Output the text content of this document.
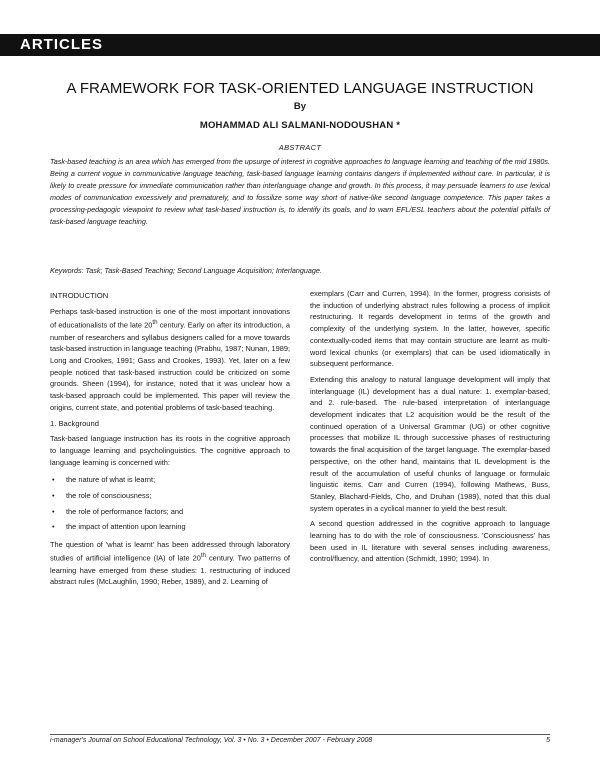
ARTICLES
A FRAMEWORK FOR TASK-ORIENTED LANGUAGE INSTRUCTION
By
MOHAMMAD ALI SALMANI-NODOUSHAN *
ABSTRACT

Task-based teaching is an area which has emerged from the upsurge of interest in cognitive approaches to language learning and teaching of the mid 1980s. Being a current vogue in communicative language teaching, task-based language learning contains dangers if implemented without care. In particular, it is likely to create pressure for immediate communication rather than interlanguage change and growth. In this process, it may persuade learners to use lexical modes of communication excessively and prematurely, and to fossilize some way short of native-like second language competence. This paper takes a processing-pedagogic viewpoint to review what task-based instruction is, to identify its goals, and to warn EFL/ESL teachers about the potential pitfalls of task-based language teaching.

Keywords: Task; Task-Based Teaching; Second Language Acquisition; Interlanguage.

INTRODUCTION

Perhaps task-based instruction is one of the most important innovations of educationalists of the late 20th century. Early on after its introduction, a number of researchers and syllabus designers called for a move towards task-based instruction in language teaching (Prabhu, 1987; Nunan, 1989; Long and Crookes, 1991; Gass and Crookes, 1993). Yet, later on a few people noticed that task-based instruction could be criticized on some grounds. Sheen (1994), for instance, noted that it was unclear how a task-based approach could be implemented. This paper will review the origins, current state, and potential problems of task-based teaching.

1. Background

Task-based language instruction has its roots in the cognitive approach to language learning and psycholinguistics. The cognitive approach to language learning is concerned with:

• the nature of what is learnt;
• the role of consciousness;
• the role of performance factors; and
• the impact of attention upon learning

The question of 'what is learnt' has been addressed through laboratory studies of artificial intelligence (IA) of late 20th century. Two patterns of learning have emerged from these studies: 1. restructuring of induced abstract rules (McLaughlin, 1990; Reber, 1989), and 2. Learning of

exemplars (Carr and Curren, 1994). In the former, progress consists of the induction of underlying abstract rules following a process of implicit restructuring. It regards development in terms of the growth and complexity of the underlying system. In the latter, however, specific contextually-coded items that may contain structure are learnt as multi-word lexical chunks (or exemplars) that can be used idiomatically in subsequent performance.

Extending this analogy to natural language development will imply that interlanguage (IL) development has a dual nature: 1. exemplar-based, and 2. rule-based. The rule-based interpretation of interlanguage development indicates that L2 acquisition would be the result of the continued operation of a Universal Grammar (UG) or other cognitive processes that mobilize IL through successive phases of restructuring towards the final acquisition of the target language. The exemplar-based perspective, on the other hand, maintains that IL development is the result of the accumulation of useful chunks of language or formulaic linguistic items. Carr and Curren (1994), following Mathews, Buss, Stanley, Blachard-Fields, Cho, and Druhan (1989), noted that this dual system operates in a cyclical manner to yield the best result.

A second question addressed in the cognitive approach to language learning has to do with the role of consciousness. 'Consciousness' has been used in IL literature with several senses including awareness, control/fluency, and attention (Schmidt, 1990; 1994). In

i-manager's Journal on School Educational Technology, Vol. 3 • No. 3 • December 2007 - February 2008	5
